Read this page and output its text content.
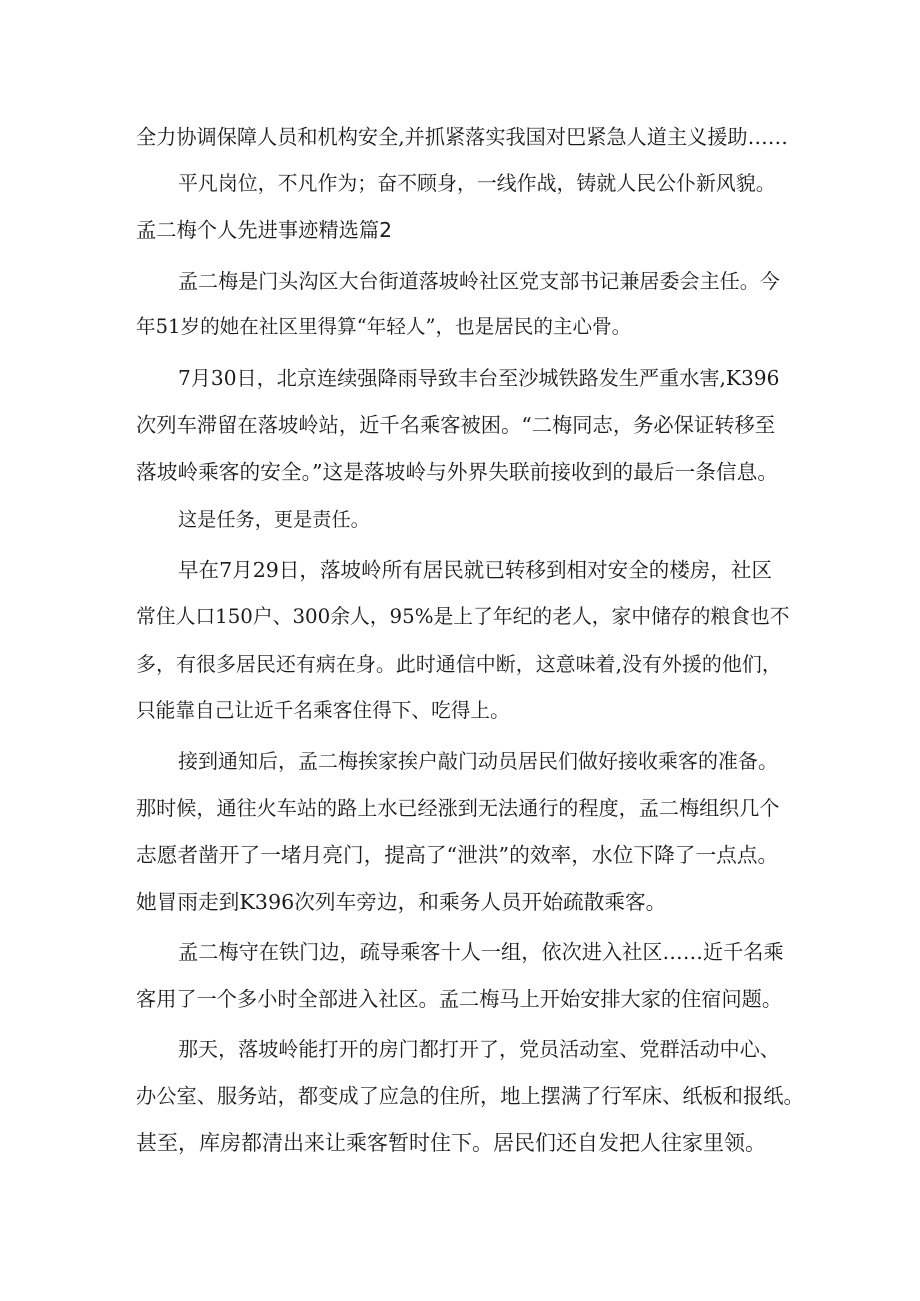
全力协调保障人员和机构安全,并抓紧落实我国对巴紧急人道主义援助……

平凡岗位，不凡作为；奋不顾身，一线作战，铸就人民公仆新风貌。

孟二梅个人先进事迹精选篇2

孟二梅是门头沟区大台街道落坡岭社区党支部书记兼居委会主任。今

年51岁的她在社区里得算“年轻人”，也是居民的主心骨。

7月30日，北京连续强降雨导致丰台至沙城铁路发生严重水害,K396

次列车滞留在落坡岭站，近千名乘客被困。“二梅同志，务必保证转移至

落坡岭乘客的安全。”这是落坡岭与外界失联前接收到的最后一条信息。

这是任务，更是责任。

早在7月29日，落坡岭所有居民就已转移到相对安全的楼房，社区

常住人口150户、300余人，95%是上了年纪的老人，家中储存的粮食也不

多，有很多居民还有病在身。此时通信中断，这意味着,没有外援的他们，

只能靠自己让近千名乘客住得下、吃得上。

接到通知后，孟二梅挨家挨户敲门动员居民们做好接收乘客的准备。

那时候，通往火车站的路上水已经涨到无法通行的程度，孟二梅组织几个

志愿者凿开了一堵月亮门，提高了“泄洪”的效率，水位下降了一点点。

她冒雨走到K396次列车旁边，和乘务人员开始疏散乘客。

孟二梅守在铁门边，疏导乘客十人一组，依次进入社区……近千名乘

客用了一个多小时全部进入社区。孟二梅马上开始安排大家的住宿问题。

那天，落坡岭能打开的房门都打开了，党员活动室、党群活动中心、

办公室、服务站，都变成了应急的住所，地上摆满了行军床、纸板和报纸。

甚至，库房都清出来让乘客暂时住下。居民们还自发把人往家里领。
